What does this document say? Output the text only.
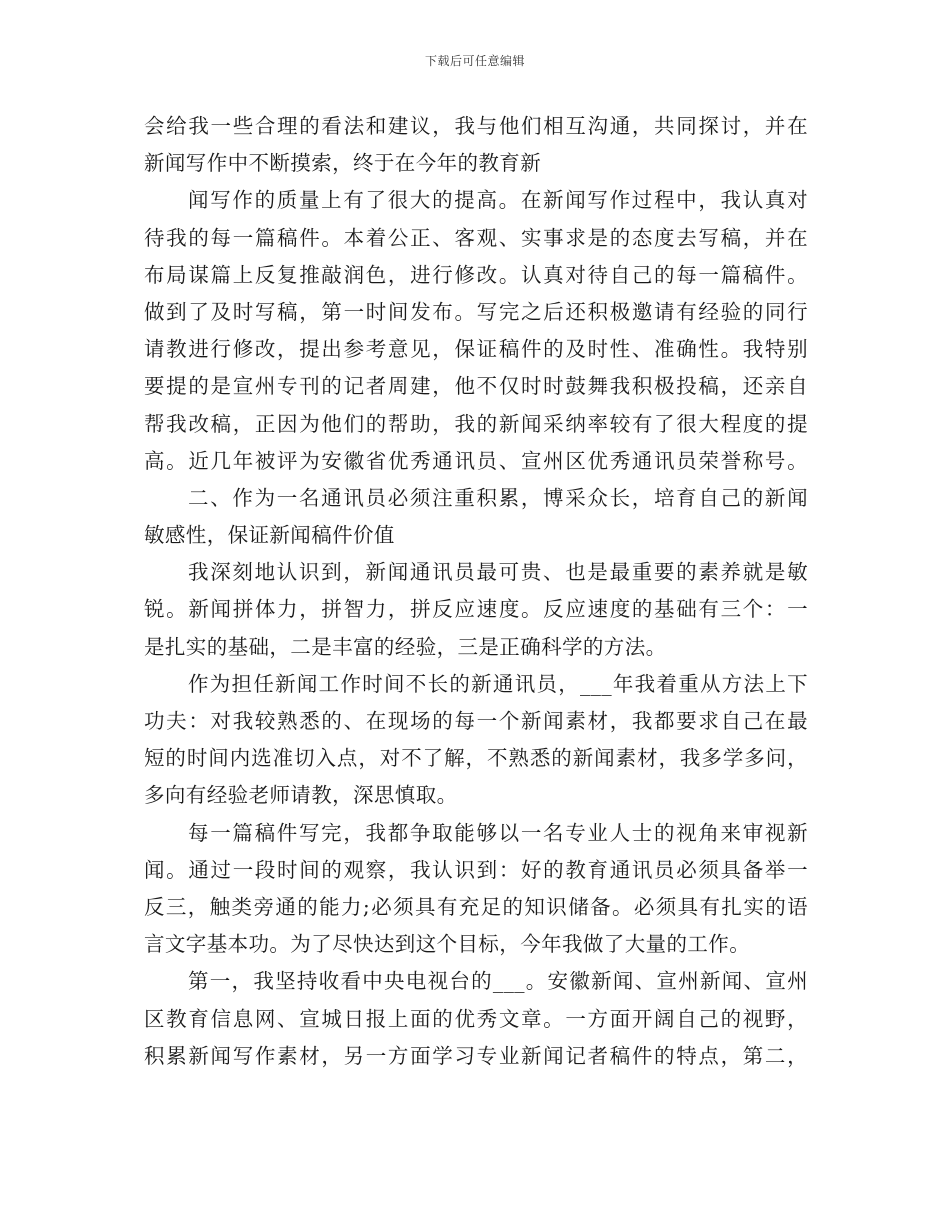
下载后可任意编辑
会给我一些合理的看法和建议，我与他们相互沟通，共同探讨，并在
新闻写作中不断摸索，终于在今年的教育新
闻写作的质量上有了很大的提高。在新闻写作过程中，我认真对
待我的每一篇稿件。本着公正、客观、实事求是的态度去写稿，并在
布局谋篇上反复推敲润色，进行修改。认真对待自己的每一篇稿件。
做到了及时写稿，第一时间发布。写完之后还积极邀请有经验的同行
请教进行修改，提出参考意见，保证稿件的及时性、准确性。我特别
要提的是宣州专刊的记者周建，他不仅时时鼓舞我积极投稿，还亲自
帮我改稿，正因为他们的帮助，我的新闻采纳率较有了很大程度的提
高。近几年被评为安徽省优秀通讯员、宣州区优秀通讯员荣誉称号。
二、作为一名通讯员必须注重积累，博采众长，培育自己的新闻
敏感性，保证新闻稿件价值
我深刻地认识到，新闻通讯员最可贵、也是最重要的素养就是敏
锐。新闻拼体力，拼智力，拼反应速度。反应速度的基础有三个：一
是扎实的基础，二是丰富的经验，三是正确科学的方法。
作为担任新闻工作时间不长的新通讯员，___年我着重从方法上下
功夫：对我较熟悉的、在现场的每一个新闻素材，我都要求自己在最
短的时间内选准切入点，对不了解，不熟悉的新闻素材，我多学多问，
多向有经验老师请教，深思慎取。
每一篇稿件写完，我都争取能够以一名专业人士的视角来审视新
闻。通过一段时间的观察，我认识到：好的教育通讯员必须具备举一
反三，触类旁通的能力;必须具有充足的知识储备。必须具有扎实的语
言文字基本功。为了尽快达到这个目标，今年我做了大量的工作。
第一，我坚持收看中央电视台的___。安徽新闻、宣州新闻、宣州
区教育信息网、宣城日报上面的优秀文章。一方面开阔自己的视野，
积累新闻写作素材，另一方面学习专业新闻记者稿件的特点，第二，
